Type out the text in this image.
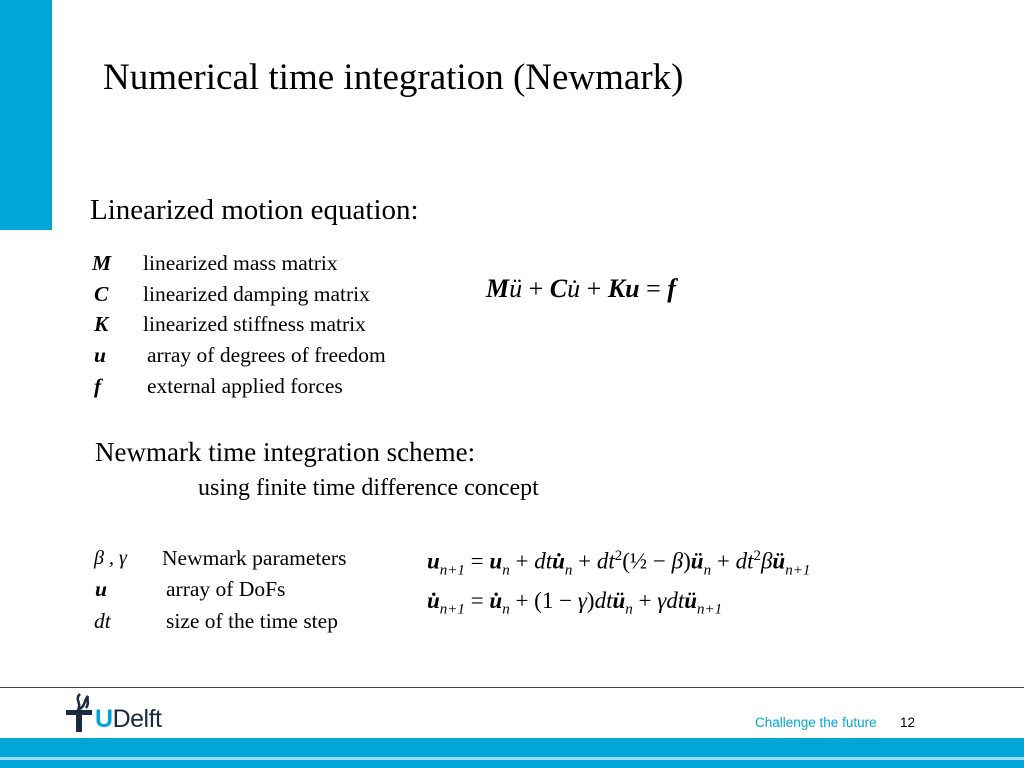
Numerical time integration (Newmark)
Linearized motion equation:
M linearized mass matrix
C linearized damping matrix
K linearized stiffness matrix
u array of degrees of freedom
f external applied forces
Mü + Cu̇ + Ku = f
Newmark time integration scheme:
using finite time difference concept
β , γ Newmark parameters
u	array of DoFs
dt	size of the time step
$u_{n+1} = u_n$ + $dtu̇_n$ + $dt^2(\frac{1}{2}$ − $\beta)ü_n$ + $dt^2\beta ü_{n+1}$
$u̇_{n+1}$ = $u̇_n + (1$ − γ)dtü$_n$ + γdtü$_{n+1}$
UDelft	Challenge the future 12
